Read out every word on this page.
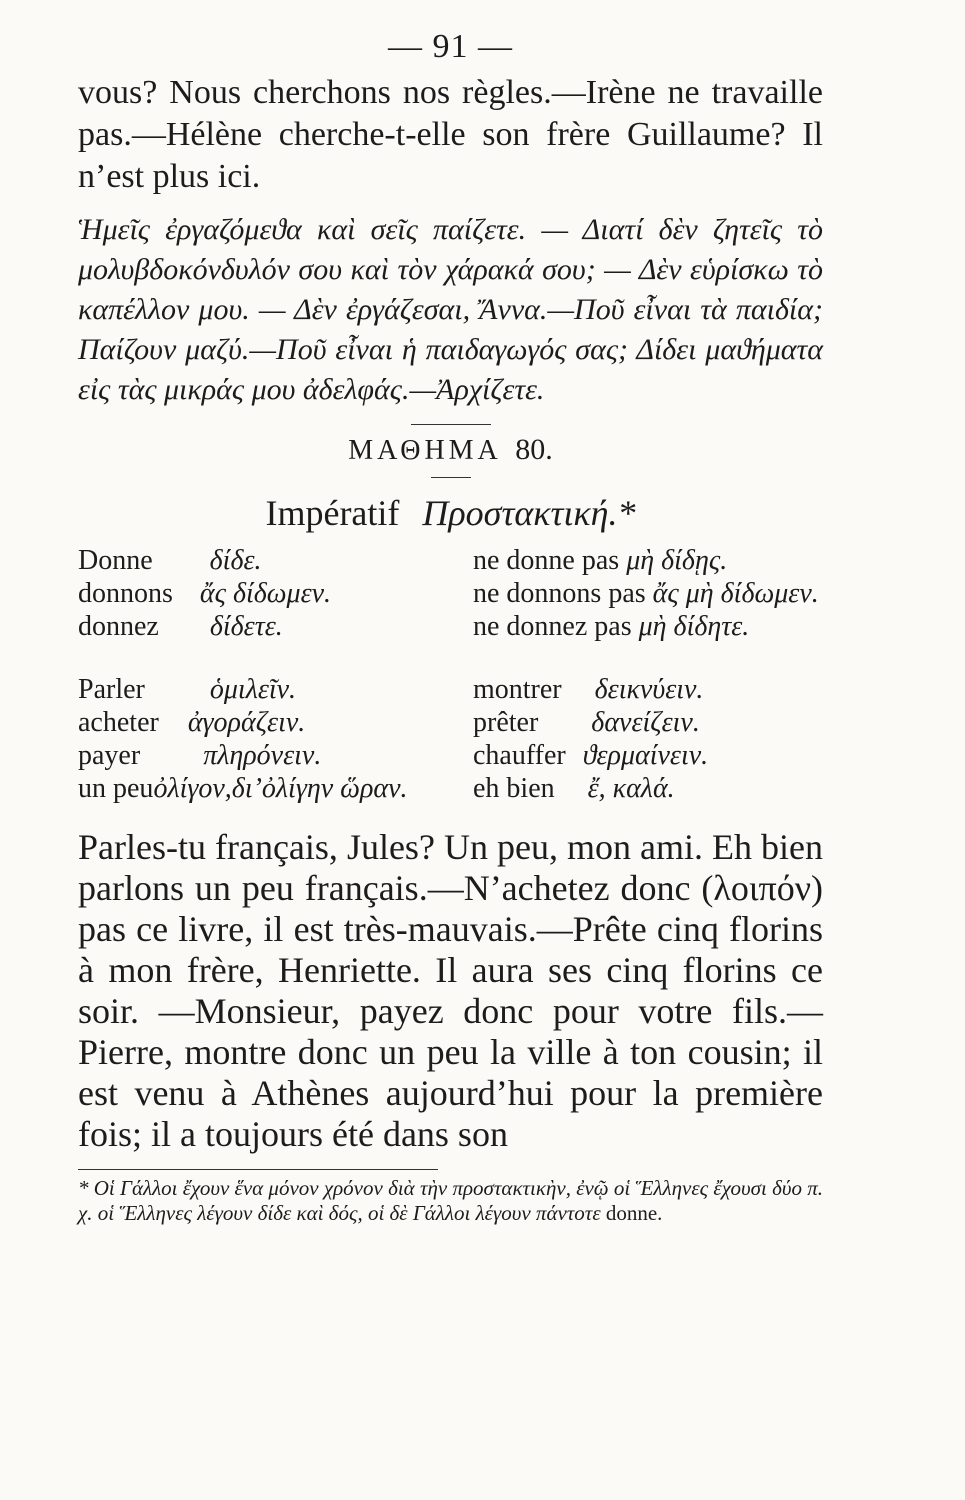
— 91 —

vous? Nous cherchons nos règles.—Irène ne travaille pas.—Hélène cherche-t-elle son frère Guillaume? Il n’est plus ici.

Ἡμεῖς ἐργαζόμεϑα καὶ σεῖς παίζετε. — Διατί δὲν ζητεῖς τὸ μολυβδοκόνδυλόν σου καὶ τὸν χάρακά σου; — Δὲν εὑρίσκω τὸ καπέλλον μου. — Δὲν ἐργάζεσαι, Ἄννα.—Ποῦ εἶναι τὰ παιδία; Παίζουν μαζύ.—Ποῦ εἶναι ἡ παιδαγωγός σας; Δίδει μαϑήματα εἰς τὰς μικράς μου ἀδελφάς.—Ἀρχίζετε.

ΜΑΘΗΜΑ 80.
Impératif Προστακτική.*
Donne δίδε.	ne donne pas μὴ δίδῃς.
donnons ἄς δίδωμεν.	ne donnons pas ἄς μὴ δίδωμεν.
donnez δίδετε.	ne donnez pas μὴ δίδητε.
Parler ὁμιλεῖν.	montrer δεικνύειν.
acheter ἀγοράζειν.	prêter δανείζειν.
payer πληρόνειν.	chauffer ϑερμαίνειν.
un peuὀλίγον,δι’ὀλίγην ὥραν.	eh bien ἔ, καλά.

Parles-tu français, Jules? Un peu, mon ami. Eh bien parlons un peu français.—N’achetez donc (λοιπόν) pas ce livre, il est très-mauvais.—Prête cinq florins à mon frère, Henriette. Il aura ses cinq florins ce soir. —Monsieur, payez donc pour votre fils.—Pierre, montre donc un peu la ville à ton cousin; il est venu à Athènes aujourd’hui pour la première fois; il a toujours été dans son

* Οἱ Γάλλοι ἔχουν ἕνα μόνον χρόνον διὰ τὴν προστακτικὴν, ἐνῷ οἱ Ἕλληνες ἔχουσι δύο π. χ. οἱ Ἕλληνες λέγουν δίδε καὶ δός, οἱ δὲ Γάλλοι λέγουν πάντοτε donne.
